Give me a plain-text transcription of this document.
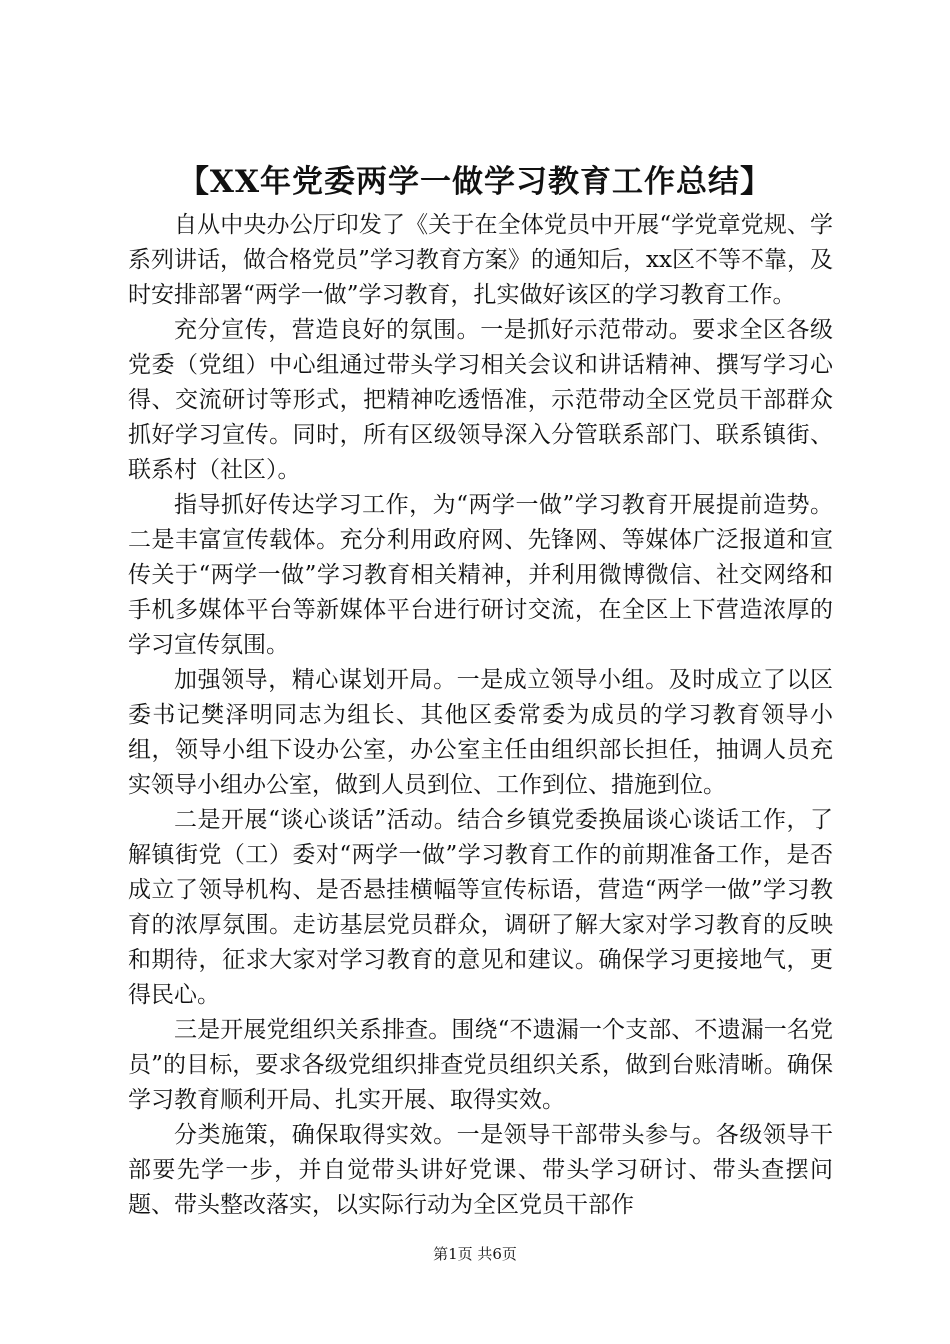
【XX年党委两学一做学习教育工作总结】

自从中央办公厅印发了《关于在全体党员中开展“学党章党规、学系列讲话，做合格党员”学习教育方案》的通知后，xx区不等不靠，及时安排部署“两学一做”学习教育，扎实做好该区的学习教育工作。

充分宣传，营造良好的氛围。一是抓好示范带动。要求全区各级党委（党组）中心组通过带头学习相关会议和讲话精神、撰写学习心得、交流研讨等形式，把精神吃透悟准，示范带动全区党员干部群众抓好学习宣传。同时，所有区级领导深入分管联系部门、联系镇街、联系村（社区）。

指导抓好传达学习工作，为“两学一做”学习教育开展提前造势。二是丰富宣传载体。充分利用政府网、先锋网、等媒体广泛报道和宣传关于“两学一做”学习教育相关精神，并利用微博微信、社交网络和手机多媒体平台等新媒体平台进行研讨交流，在全区上下营造浓厚的学习宣传氛围。

加强领导，精心谋划开局。一是成立领导小组。及时成立了以区委书记樊泽明同志为组长、其他区委常委为成员的学习教育领导小组，领导小组下设办公室，办公室主任由组织部长担任，抽调人员充实领导小组办公室，做到人员到位、工作到位、措施到位。

二是开展“谈心谈话”活动。结合乡镇党委换届谈心谈话工作，了解镇街党（工）委对“两学一做”学习教育工作的前期准备工作，是否成立了领导机构、是否悬挂横幅等宣传标语，营造“两学一做”学习教育的浓厚氛围。走访基层党员群众，调研了解大家对学习教育的反映和期待，征求大家对学习教育的意见和建议。确保学习更接地气，更得民心。

三是开展党组织关系排查。围绕“不遗漏一个支部、不遗漏一名党员”的目标，要求各级党组织排查党员组织关系，做到台账清晰。确保学习教育顺利开局、扎实开展、取得实效。

分类施策，确保取得实效。一是领导干部带头参与。各级领导干部要先学一步，并自觉带头讲好党课、带头学习研讨、带头查摆问题、带头整改落实，以实际行动为全区党员干部作

第1页 共6页
